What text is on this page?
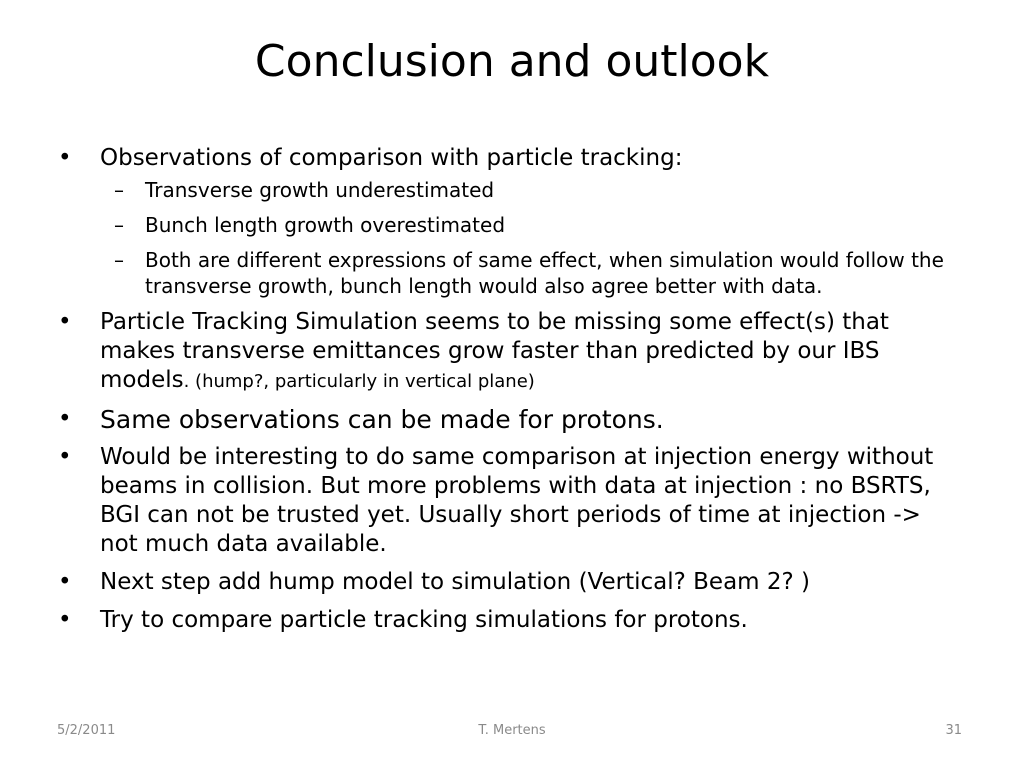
Conclusion and outlook
• Observations of comparison with particle tracking:
–	Transverse growth underestimated
–	Bunch length growth overestimated
–	Both are different expressions of same effect, when simulation would follow the transverse growth, bunch length would also agree better with data.
• Particle Tracking Simulation seems to be missing some effect(s) that makes transverse emittances grow faster than predicted by our IBS models. (hump?, particularly in vertical plane)
• Same observations can be made for protons.
• Would be interesting to do same comparison at injection energy without beams in collision. But more problems with data at injection : no BSRTS, BGI can not be trusted yet. Usually short periods of time at injection -> not much data available.
• Next step add hump model to simulation (Vertical? Beam 2? )
• Try to compare particle tracking simulations for protons.
5/2/2011	T. Mertens	31
